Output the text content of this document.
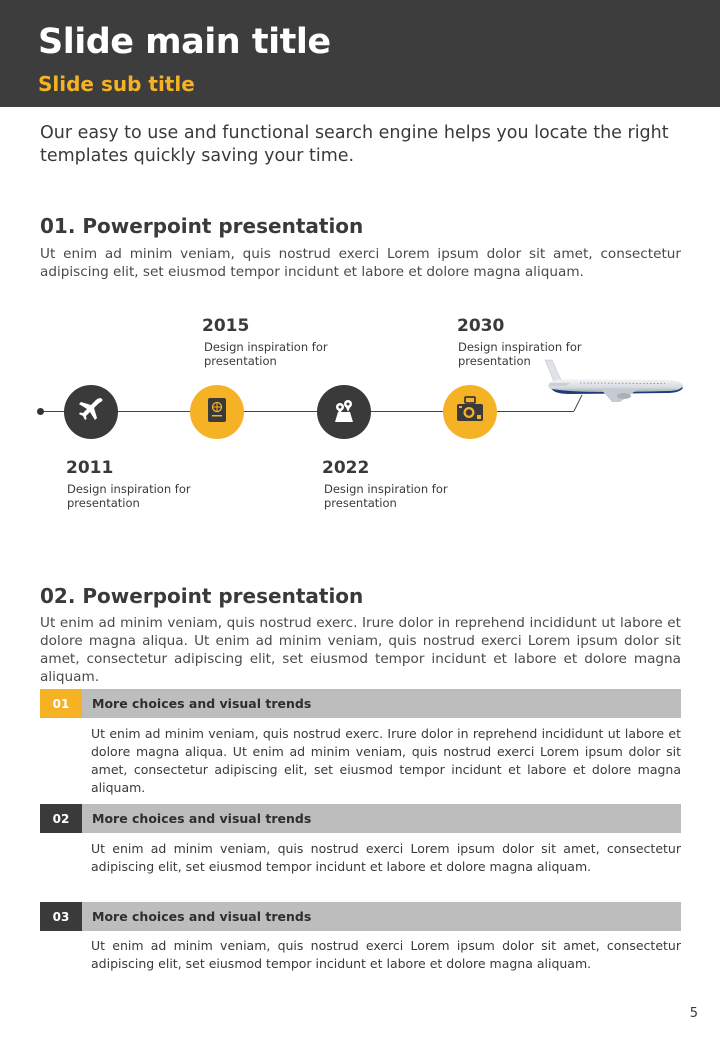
Slide main title
Slide sub title
Our easy to use and functional search engine helps you locate the right templates quickly saving your time.
01. Powerpoint presentation
Ut enim ad minim veniam, quis nostrud exerci Lorem ipsum dolor sit amet, consectetur adipiscing elit, set eiusmod tempor incidunt et labore et dolore magna aliquam.
2011
Design inspiration for presentation
2015
Design inspiration for presentation
2022
Design inspiration for presentation
2030
Design inspiration for presentation
02. Powerpoint presentation
Ut enim ad minim veniam, quis nostrud exerc. Irure dolor in reprehend incididunt ut labore et dolore magna aliqua. Ut enim ad minim veniam, quis nostrud exerci Lorem ipsum dolor sit amet, consectetur adipiscing elit, set eiusmod tempor incidunt et labore et dolore magna aliquam.
01	More choices and visual trends
Ut enim ad minim veniam, quis nostrud exerc. Irure dolor in reprehend incididunt ut labore et dolore magna aliqua. Ut enim ad minim veniam, quis nostrud exerci Lorem ipsum dolor sit amet, consectetur adipiscing elit, set eiusmod tempor incidunt et labore et dolore magna aliquam.
02	More choices and visual trends
Ut enim ad minim veniam, quis nostrud exerci Lorem ipsum dolor sit amet, consectetur adipiscing elit, set eiusmod tempor incidunt et labore et dolore magna aliquam.
03	More choices and visual trends
Ut enim ad minim veniam, quis nostrud exerci Lorem ipsum dolor sit amet, consectetur adipiscing elit, set eiusmod tempor incidunt et labore et dolore magna aliquam.
5
